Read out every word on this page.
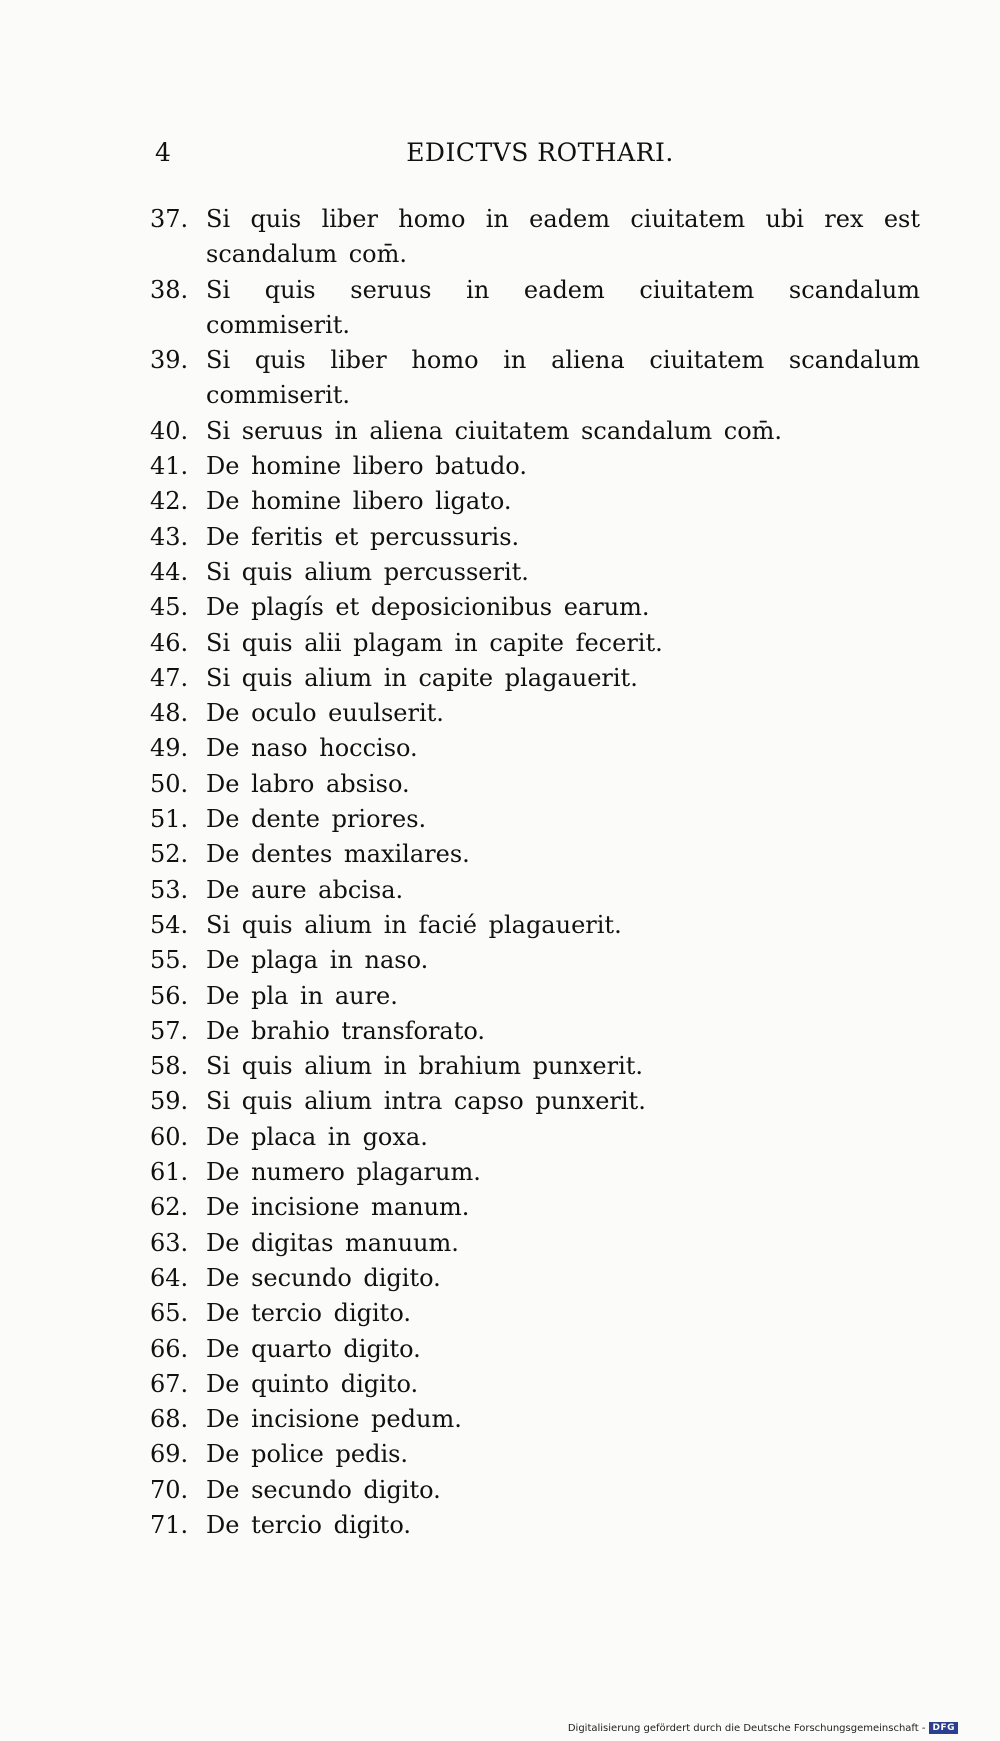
4	EDICTVS ROTHARI.
37. Si quis liber homo in eadem ciuitatem ubi rex est scandalum com̄.
38. Si quis seruus in eadem ciuitatem scandalum commiserit.
39. Si quis liber homo in aliena ciuitatem scandalum commiserit.
40. Si seruus in aliena ciuitatem scandalum com̄.
41. De homine libero batudo.
42. De homine libero ligato.
43. De feritis et percussuris.
44. Si quis alium percusserit.
45. De plagís et deposicionibus earum.
46. Si quis alii plagam in capite fecerit.
47. Si quis alium in capite plagauerit.
48. De oculo euulserit.
49. De naso hocciso.
50. De labro absiso.
51. De dente priores.
52. De dentes maxilares.
53. De aure abcisa.
54. Si quis alium in facié plagauerit.
55. De plaga in naso.
56. De pla in aure.
57. De brahio transforato.
58. Si quis alium in brahium punxerit.
59. Si quis alium intra capso punxerit.
60. De placa in goxa.
61. De numero plagarum.
62. De incisione manum.
63. De digitas manuum.
64. De secundo digito.
65. De tercio digito.
66. De quarto digito.
67. De quinto digito.
68. De incisione pedum.
69. De police pedis.
70. De secundo digito.
71. De tercio digito.
Digitalisierung gefördert durch die Deutsche Forschungsgemeinschaft - DFG
